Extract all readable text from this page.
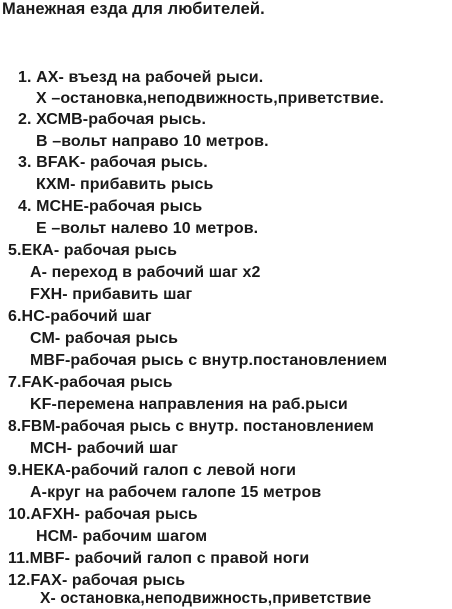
Манежная езда для любителей.
1. АХ- въезд на рабочей рыси.
Х –остановка,неподвижность,приветствие.
2. ХСМВ-рабочая рысь.
В –вольт направо 10 метров.
3. BFAK- рабочая рысь.
КХМ- прибавить рысь
4. МСНЕ-рабочая рысь
Е –вольт налево 10 метров.
5.ЕКА- рабочая рысь
А- переход в рабочий шаг x2
FXH- прибавить шаг
6.НС-рабочий шаг
СМ- рабочая рысь
МВF-рабочая рысь с внутр.постановлением
7.FAK-рабочая рысь
KF-перемена направления на раб.рыси
8.FBM-рабочая рысь с внутр. постановлением
МСН- рабочий шаг
9.НЕКА-рабочий галоп с левой ноги
А-круг на рабочем галопе 15 метров
10.AFXH- рабочая рысь
НСМ- рабочим шагом
11.МВF- рабочий галоп с правой ноги
12.FAX- рабочая рысь
Х- остановка,неподвижность,приветствие
